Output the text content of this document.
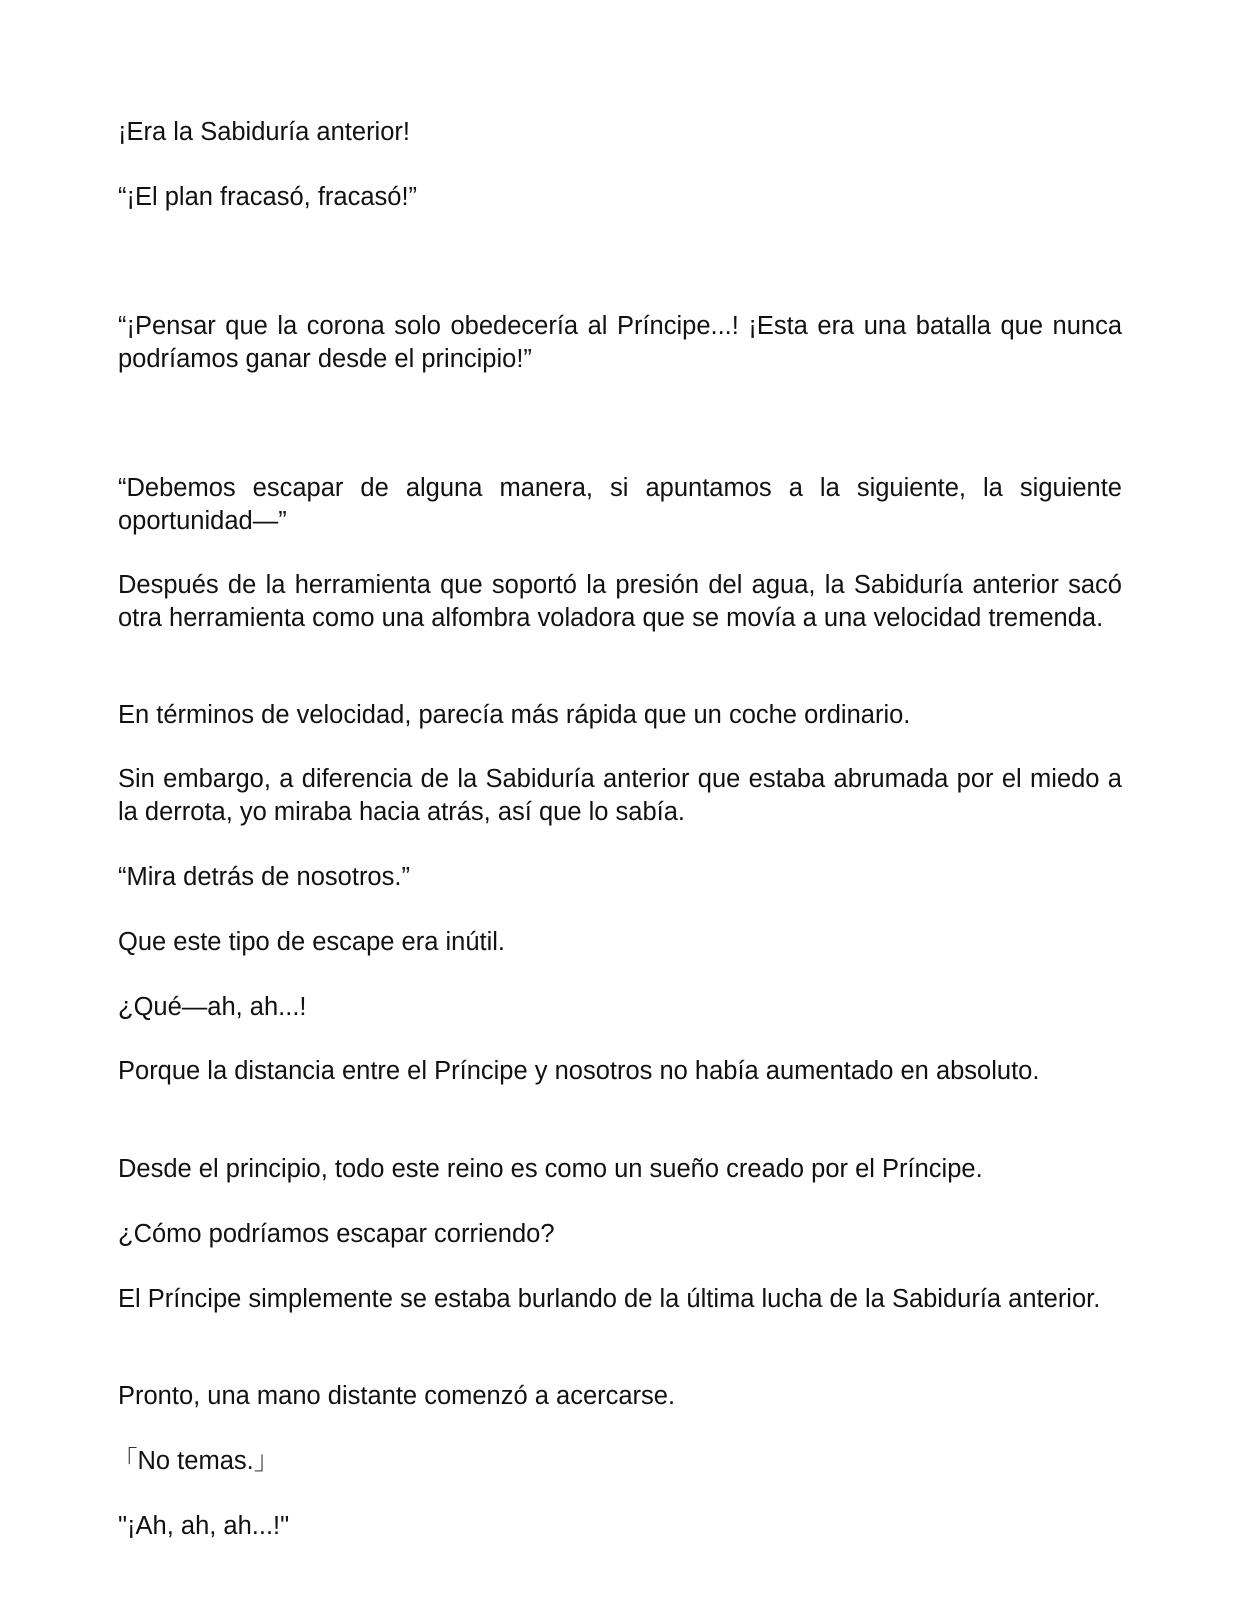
¡Era la Sabiduría anterior!

“¡El plan fracasó, fracasó!”

“¡Pensar que la corona solo obedecería al Príncipe...! ¡Esta era una batalla que nunca podríamos ganar desde el principio!”

“Debemos escapar de alguna manera, si apuntamos a la siguiente, la siguiente oportunidad—”

Después de la herramienta que soportó la presión del agua, la Sabiduría anterior sacó otra herramienta como una alfombra voladora que se movía a una velocidad tremenda.

En términos de velocidad, parecía más rápida que un coche ordinario.

Sin embargo, a diferencia de la Sabiduría anterior que estaba abrumada por el miedo a la derrota, yo miraba hacia atrás, así que lo sabía.

“Mira detrás de nosotros.”

Que este tipo de escape era inútil.

¿Qué—ah, ah...!

Porque la distancia entre el Príncipe y nosotros no había aumentado en absoluto.

Desde el principio, todo este reino es como un sueño creado por el Príncipe.

¿Cómo podríamos escapar corriendo?

El Príncipe simplemente se estaba burlando de la última lucha de la Sabiduría anterior.

Pronto, una mano distante comenzó a acercarse.

「No temas.」

"¡Ah, ah, ah...!"
